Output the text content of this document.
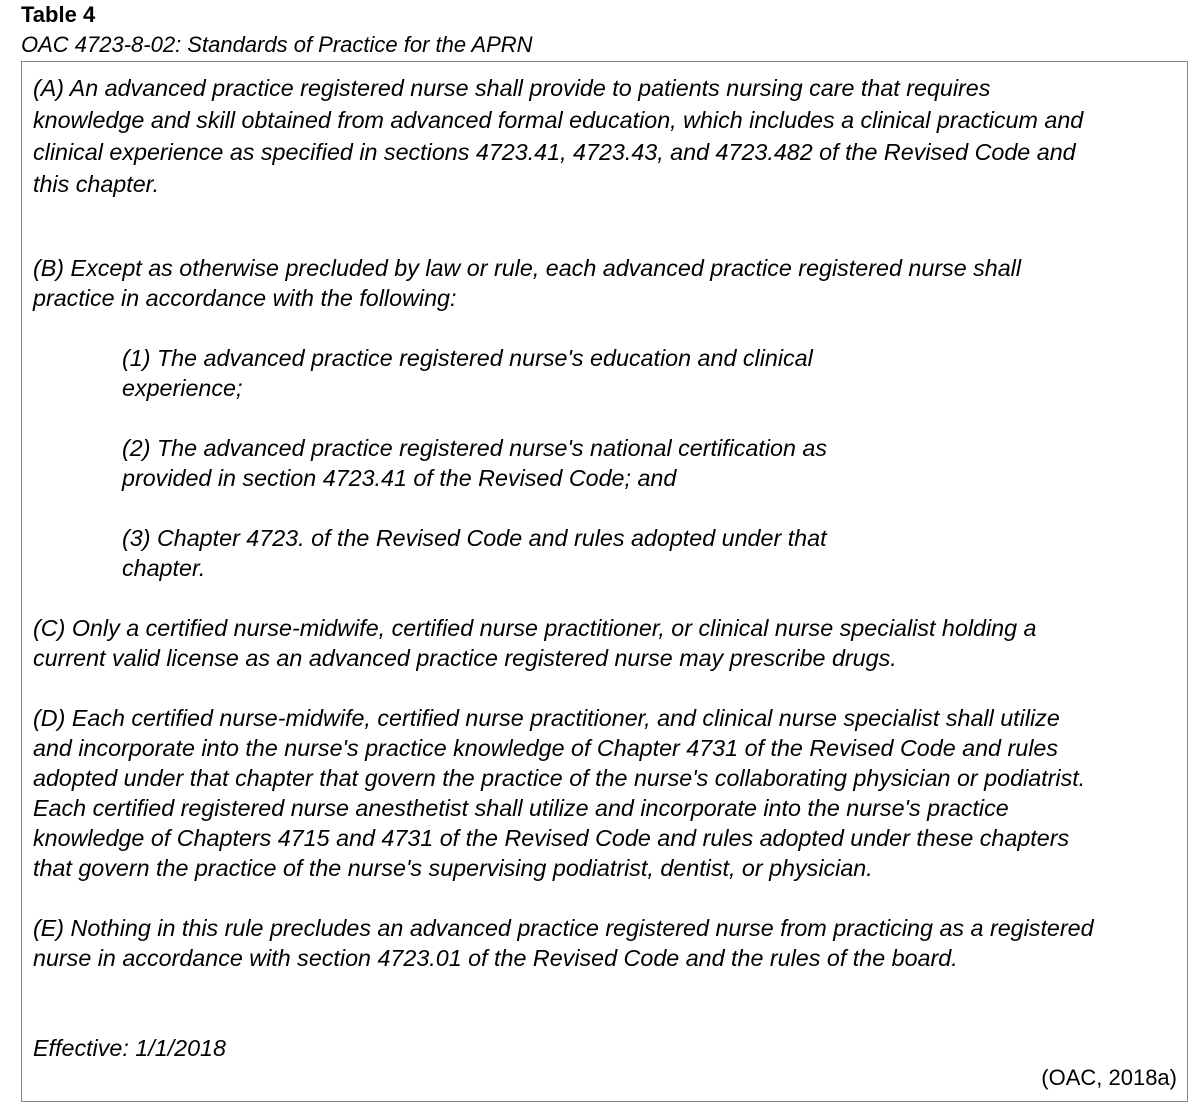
Table 4

OAC 4723-8-02: Standards of Practice for the APRN

(A) An advanced practice registered nurse shall provide to patients nursing care that requires
knowledge and skill obtained from advanced formal education, which includes a clinical practicum and
clinical experience as specified in sections 4723.41, 4723.43, and 4723.482 of the Revised Code and
this chapter.

(B) Except as otherwise precluded by law or rule, each advanced practice registered nurse shall
practice in accordance with the following:

(1) The advanced practice registered nurse's education and clinical
experience;

(2) The advanced practice registered nurse's national certification as
provided in section 4723.41 of the Revised Code; and

(3) Chapter 4723. of the Revised Code and rules adopted under that
chapter.

(C) Only a certified nurse-midwife, certified nurse practitioner, or clinical nurse specialist holding a
current valid license as an advanced practice registered nurse may prescribe drugs.

(D) Each certified nurse-midwife, certified nurse practitioner, and clinical nurse specialist shall utilize
and incorporate into the nurse's practice knowledge of Chapter 4731 of the Revised Code and rules
adopted under that chapter that govern the practice of the nurse's collaborating physician or podiatrist.
Each certified registered nurse anesthetist shall utilize and incorporate into the nurse's practice
knowledge of Chapters 4715 and 4731 of the Revised Code and rules adopted under these chapters
that govern the practice of the nurse's supervising podiatrist, dentist, or physician.

(E) Nothing in this rule precludes an advanced practice registered nurse from practicing as a registered
nurse in accordance with section 4723.01 of the Revised Code and the rules of the board.

Effective: 1/1/2018

(OAC, 2018a)
